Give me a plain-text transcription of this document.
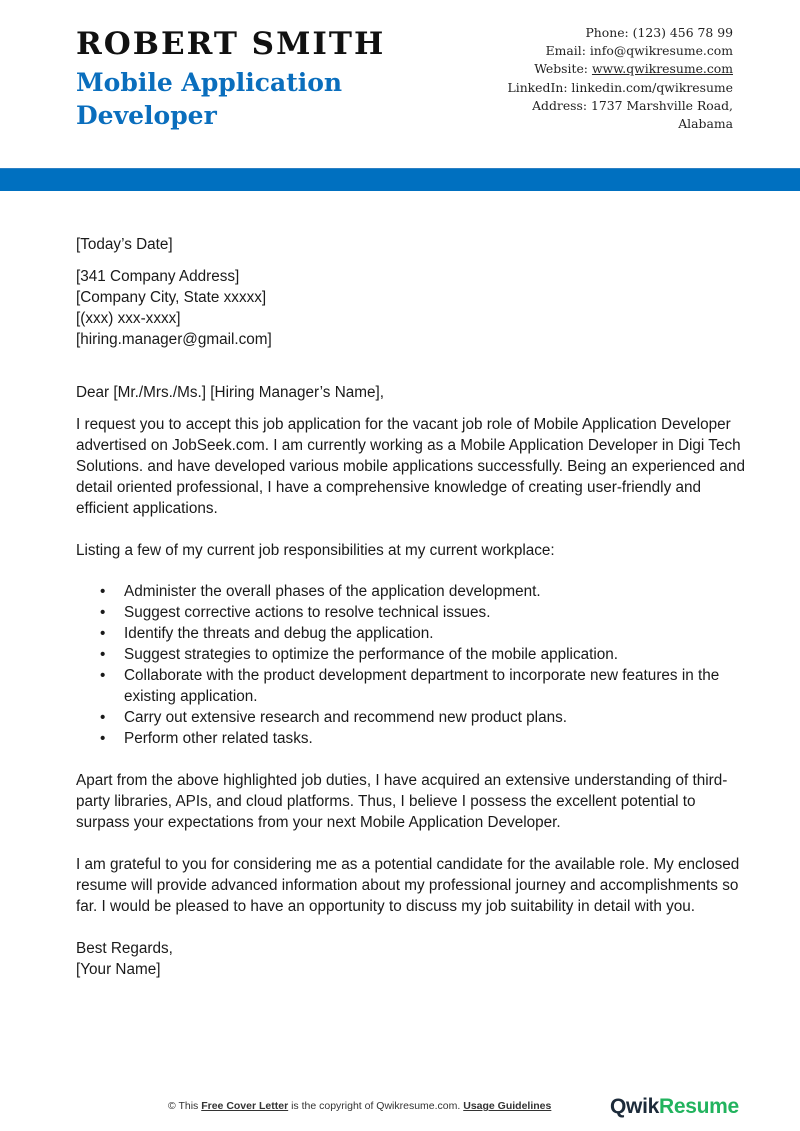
ROBERT SMITH
Mobile Application Developer
Phone: (123) 456 78 99
Email: info@qwikresume.com
Website: www.qwikresume.com
LinkedIn: linkedin.com/qwikresume
Address: 1737 Marshville Road,
Alabama

[Today’s Date]

[341 Company Address]

[Company City, State xxxxx]

[(xxx) xxx-xxxx]

[hiring.manager@gmail.com]

Dear [Mr./Mrs./Ms.] [Hiring Manager’s Name],

I request you to accept this job application for the vacant job role of Mobile Application Developer advertised on JobSeek.com. I am currently working as a Mobile Application Developer in Digi Tech Solutions. and have developed various mobile applications successfully. Being an experienced and detail oriented professional, I have a comprehensive knowledge of creating user-friendly and efficient applications.

Listing a few of my current job responsibilities at my current workplace:

• Administer the overall phases of the application development.
• Suggest corrective actions to resolve technical issues.
• Identify the threats and debug the application.
• Suggest strategies to optimize the performance of the mobile application.
• Collaborate with the product development department to incorporate new features in the existing application.
• Carry out extensive research and recommend new product plans.
• Perform other related tasks.

Apart from the above highlighted job duties, I have acquired an extensive understanding of third-party libraries, APIs, and cloud platforms. Thus, I believe I possess the excellent potential to surpass your expectations from your next Mobile Application Developer.

I am grateful to you for considering me as a potential candidate for the available role. My enclosed resume will provide advanced information about my professional journey and accomplishments so far. I would be pleased to have an opportunity to discuss my job suitability in detail with you.

Best Regards,

[Your Name]

© This Free Cover Letter is the copyright of Qwikresume.com. Usage Guidelines	QwikResume
